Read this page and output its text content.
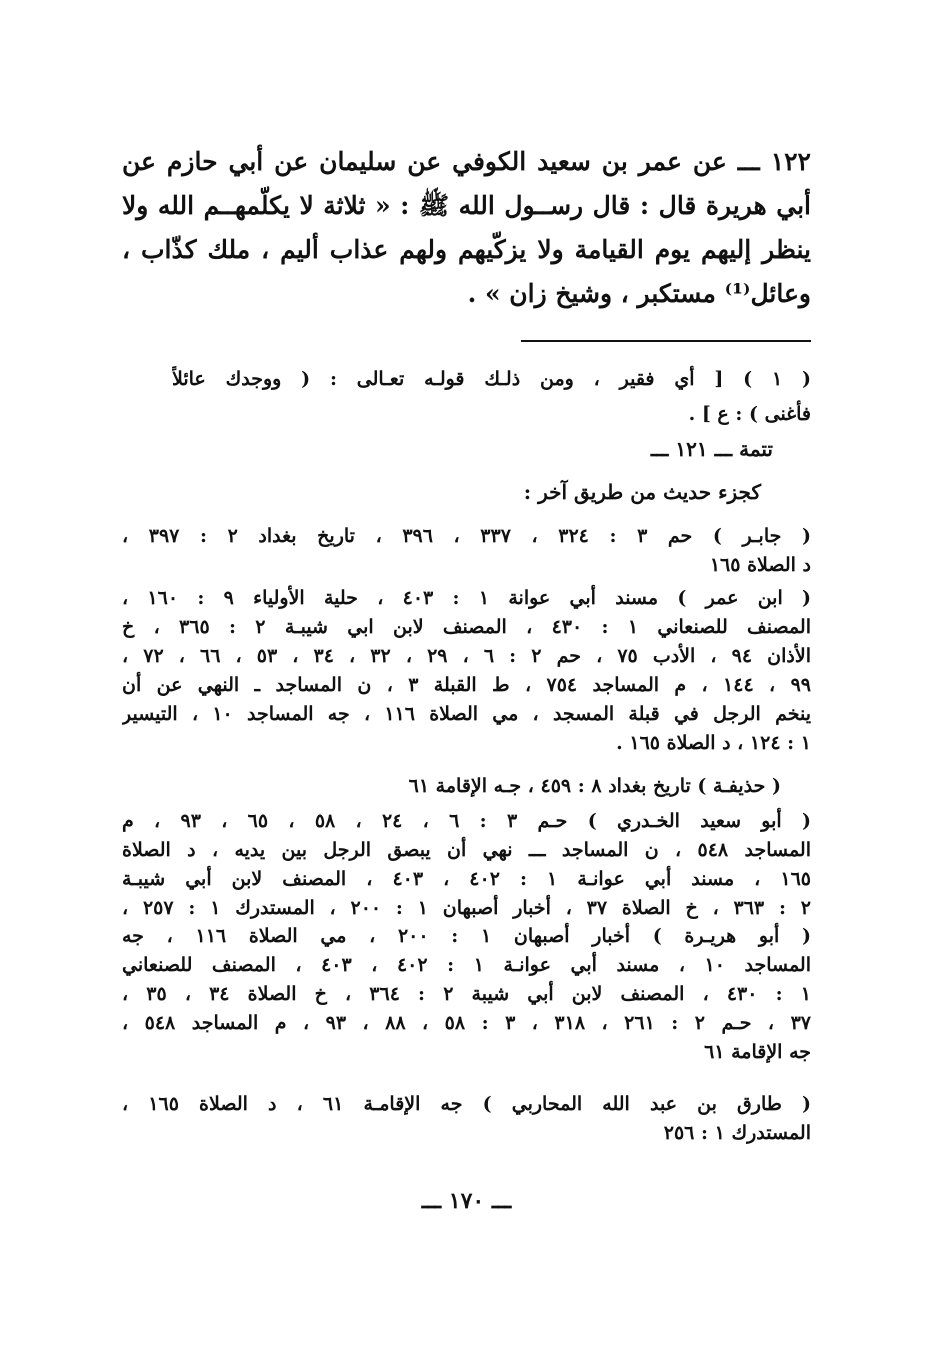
١٢٢ ـــ عن عمر بن سعيد الكوفي عن سليمان عن أبي حازم عن
أبي هريرة قال : قال رســول الله ﷺ : « ثلاثة لا يكلّمهــم الله ولا
ينظر إليهم يوم القيامة ولا يزكّيهم ولهم عذاب أليم ، ملك كذّاب ،
وعائل⁽¹⁾ مستكبر ، وشيخ زان » .
( ١ ) [ أي فقير ، ومن ذلـك قولـه تعـالى : ( ووجدك عائلاً
فأغنى ) : ع ] .
تتمة ـــ ١٢١ ـــ
كجزء حديث من طريق آخر :
( جابـر ) حم ٣ : ٣٢٤ ، ٣٣٧ ، ٣٩٦ ، تاريخ بغداد ٢ : ٣٩٧ ،
د الصلاة ١٦٥
( ابن عمر ) مسند أبي عوانة ١ : ٤٠٣ ، حلية الأولياء ٩ : ١٦٠ ،
المصنف للصنعاني ١ : ٤٣٠ ، المصنف لابن ابي شيبـة ٢ : ٣٦٥ ، خ
الأذان ٩٤ ، الأدب ٧٥ ، حم ٢ : ٦ ، ٢٩ ، ٣٢ ، ٣٤ ، ٥٣ ، ٦٦ ، ٧٢ ،
٩٩ ، ١٤٤ ، م المساجد ٧٥٤ ، ط القبلة ٣ ، ن المساجد ـ النهي عن أن
ينخم الرجل في قبلة المسجد ، مي الصلاة ١١٦ ، جه المساجد ١٠ ، التيسير
١ : ١٢٤ ، د الصلاة ١٦٥ .
( حذيفـة ) تاريخ بغداد ٨ : ٤٥٩ ، جـه الإقامة ٦١
( أبو سعيد الخـدري ) حـم ٣ : ٦ ، ٢٤ ، ٥٨ ، ٦٥ ، ٩٣ ، م
المساجد ٥٤٨ ، ن المساجد ـــ نهي أن يبصق الرجل بين يديه ، د الصلاة
١٦٥ ، مسند أبي عوانـة ١ : ٤٠٢ ، ٤٠٣ ، المصنف لابن أبي شيبـة
٢ : ٣٦٣ ، خ الصلاة ٣٧ ، أخبار أصبهان ١ : ٢٠٠ ، المستدرك ١ : ٢٥٧ ،
( أبو هريـرة ) أخبار أصبهان ١ : ٢٠٠ ، مي الصلاة ١١٦ ، جه
المساجد ١٠ ، مسند أبي عوانـة ١ : ٤٠٢ ، ٤٠٣ ، المصنف للصنعاني
١ : ٤٣٠ ، المصنف لابن أبي شيبة ٢ : ٣٦٤ ، خ الصلاة ٣٤ ، ٣٥ ،
٣٧ ، حـم ٢ : ٢٦١ ، ٣١٨ ، ٣ : ٥٨ ، ٨٨ ، ٩٣ ، م المساجد ٥٤٨ ،
جه الإقامة ٦١
( طارق بن عبد الله المحاربي ) جه الإقامـة ٦١ ، د الصلاة ١٦٥ ،
المستدرك ١ : ٢٥٦
ـــ ١٧٠ ـــ
